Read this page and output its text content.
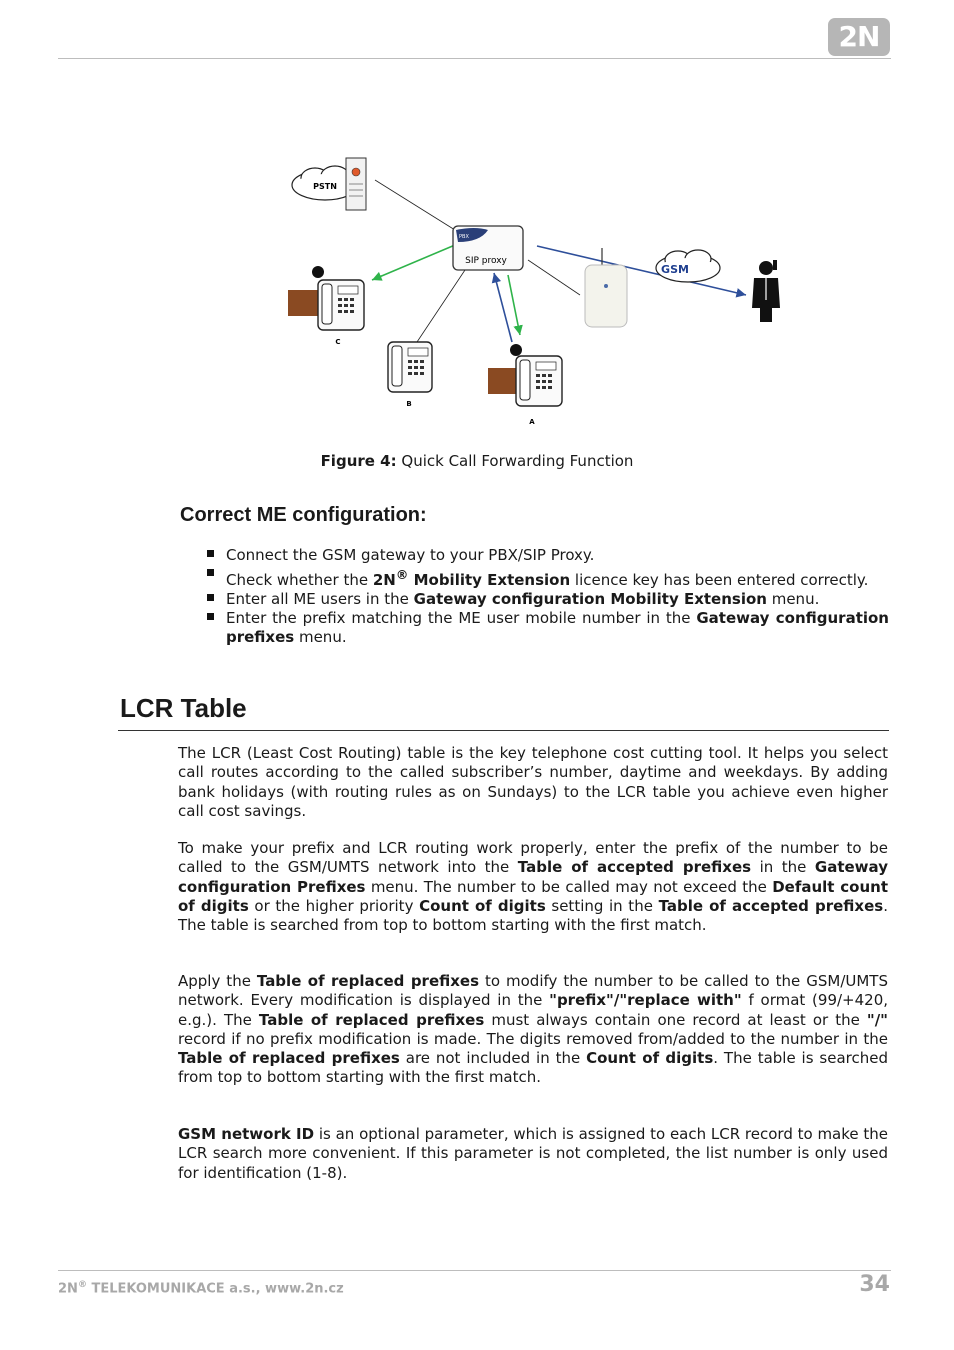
2N
PSTN
PBX
SIP proxy
GSM
C
B
A
Figure 4: Quick Call Forwarding Function
Correct ME configuration:
Connect the GSM gateway to your PBX/SIP Proxy.
Check whether the 2N® Mobility Extension licence key has been entered correctly.
Enter all ME users in the Gateway configuration Mobility Extension menu.
Enter the prefix matching the ME user mobile number in the Gateway configuration prefixes menu.
LCR Table

The LCR (Least Cost Routing) table is the key telephone cost cutting tool. It helps you select call routes according to the called subscriber’s number, daytime and weekdays. By adding bank holidays (with routing rules as on Sundays) to the LCR table you achieve even higher call cost savings.

To make your prefix and LCR routing work properly, enter the prefix of the number to be called to the GSM/UMTS network into the Table of accepted prefixes in the Gateway configuration Prefixes menu. The number to be called may not exceed the Default count of digits or the higher priority Count of digits setting in the Table of accepted prefixes. The table is searched from top to bottom starting with the first match.

Apply the Table of replaced prefixes to modify the number to be called to the GSM/UMTS network. Every modification is displayed in the "prefix"/"replace with" f ormat (99/+420, e.g.). The Table of replaced prefixes must always contain one record at least or the "/" record if no prefix modification is made. The digits removed from/added to the number in the Table of replaced prefixes are not included in the Count of digits. The table is searched from top to bottom starting with the first match.

GSM network ID is an optional parameter, which is assigned to each LCR record to make the LCR search more convenient. If this parameter is not completed, the list number is only used for identification (1-8).

2N® TELEKOMUNIKACE a.s., www.2n.cz	34
